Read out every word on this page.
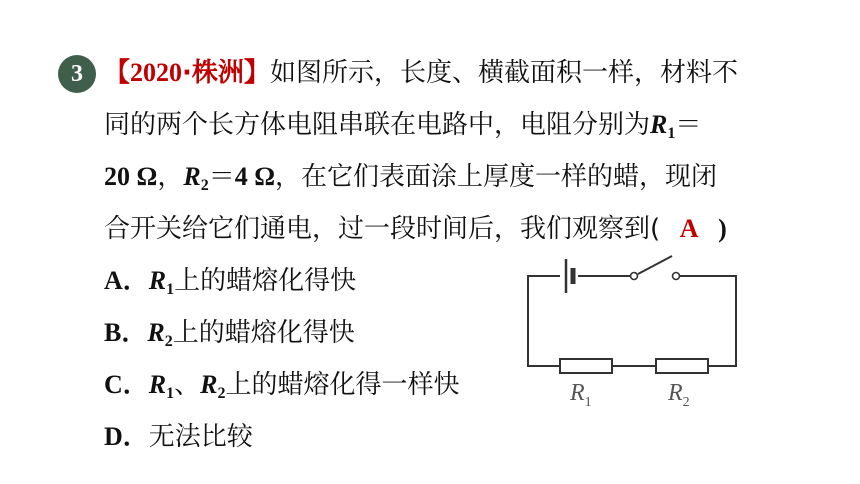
3 【2020·株洲】如图所示，长度、横截面积一样，材料不
同的两个长方体电阻串联在电路中，电阻分别为$R_1=$
20 Ω，$R_2=4$ Ω，在它们表面涂上厚度一样的蜡，现闭
合开关给它们通电，过一段时间后，我们观察到( A )
A．$R_1$上的蜡熔化得快
B．$R_2$上的蜡熔化得快
C．$R_1$、$R_2$上的蜡熔化得一样快
D．无法比较
$R_1$	$R_2$
